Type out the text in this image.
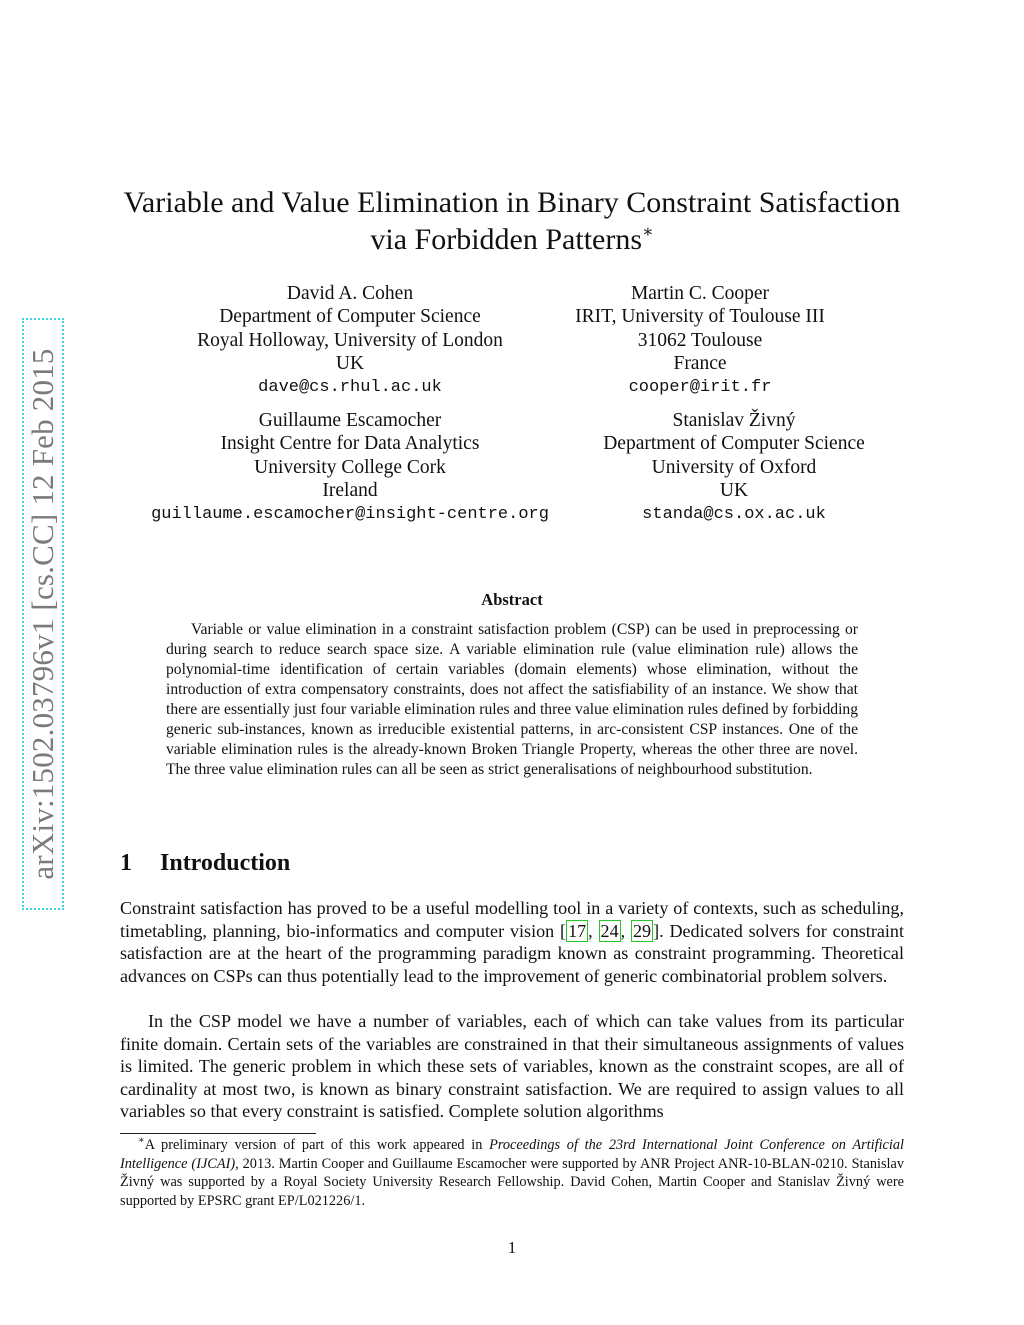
arXiv:1502.03796v1 [cs.CC] 12 Feb 2015
Variable and Value Elimination in Binary Constraint Satisfaction
via Forbidden Patterns∗
David A. Cohen
Department of Computer Science
Royal Holloway, University of London
UK
dave@cs.rhul.ac.uk
Martin C. Cooper
IRIT, University of Toulouse III
31062 Toulouse
France
cooper@irit.fr
Guillaume Escamocher
Insight Centre for Data Analytics
University College Cork
Ireland
guillaume.escamocher@insight-centre.org
Stanislav Živný
Department of Computer Science
University of Oxford
UK
standa@cs.ox.ac.uk
Abstract

Variable or value elimination in a constraint satisfaction problem (CSP) can be used in preprocessing or during search to reduce search space size. A variable elimination rule (value elimination rule) allows the polynomial-time identification of certain variables (domain elements) whose elimination, without the introduction of extra compensatory constraints, does not affect the satisfiability of an instance. We show that there are essentially just four variable elimination rules and three value elimination rules defined by forbidding generic sub-instances, known as irreducible existential patterns, in arc-consistent CSP instances. One of the variable elimination rules is the already-known Broken Triangle Property, whereas the other three are novel. The three value elimination rules can all be seen as strict generalisations of neighbourhood substitution.

1 Introduction

Constraint satisfaction has proved to be a useful modelling tool in a variety of contexts, such as scheduling, timetabling, planning, bio-informatics and computer vision [ 17 , 24 , 29 ]. Dedicated solvers for constraint satisfaction are at the heart of the programming paradigm known as constraint programming. Theoretical advances on CSPs can thus potentially lead to the improvement of generic combinatorial problem solvers.

In the CSP model we have a number of variables, each of which can take values from its particular finite domain. Certain sets of the variables are constrained in that their simultaneous assignments of values is limited. The generic problem in which these sets of variables, known as the constraint scopes, are all of cardinality at most two, is known as binary constraint satisfaction. We are required to assign values to all variables so that every constraint is satisfied. Complete solution algorithms

∗A preliminary version of part of this work appeared in Proceedings of the 23rd International Joint Conference on Artificial Intelligence (IJCAI), 2013. Martin Cooper and Guillaume Escamocher were supported by ANR Project ANR-10-BLAN-0210. Stanislav Živný was supported by a Royal Society University Research Fellowship. David Cohen, Martin Cooper and Stanislav Živný were supported by EPSRC grant EP/L021226/1.

1
